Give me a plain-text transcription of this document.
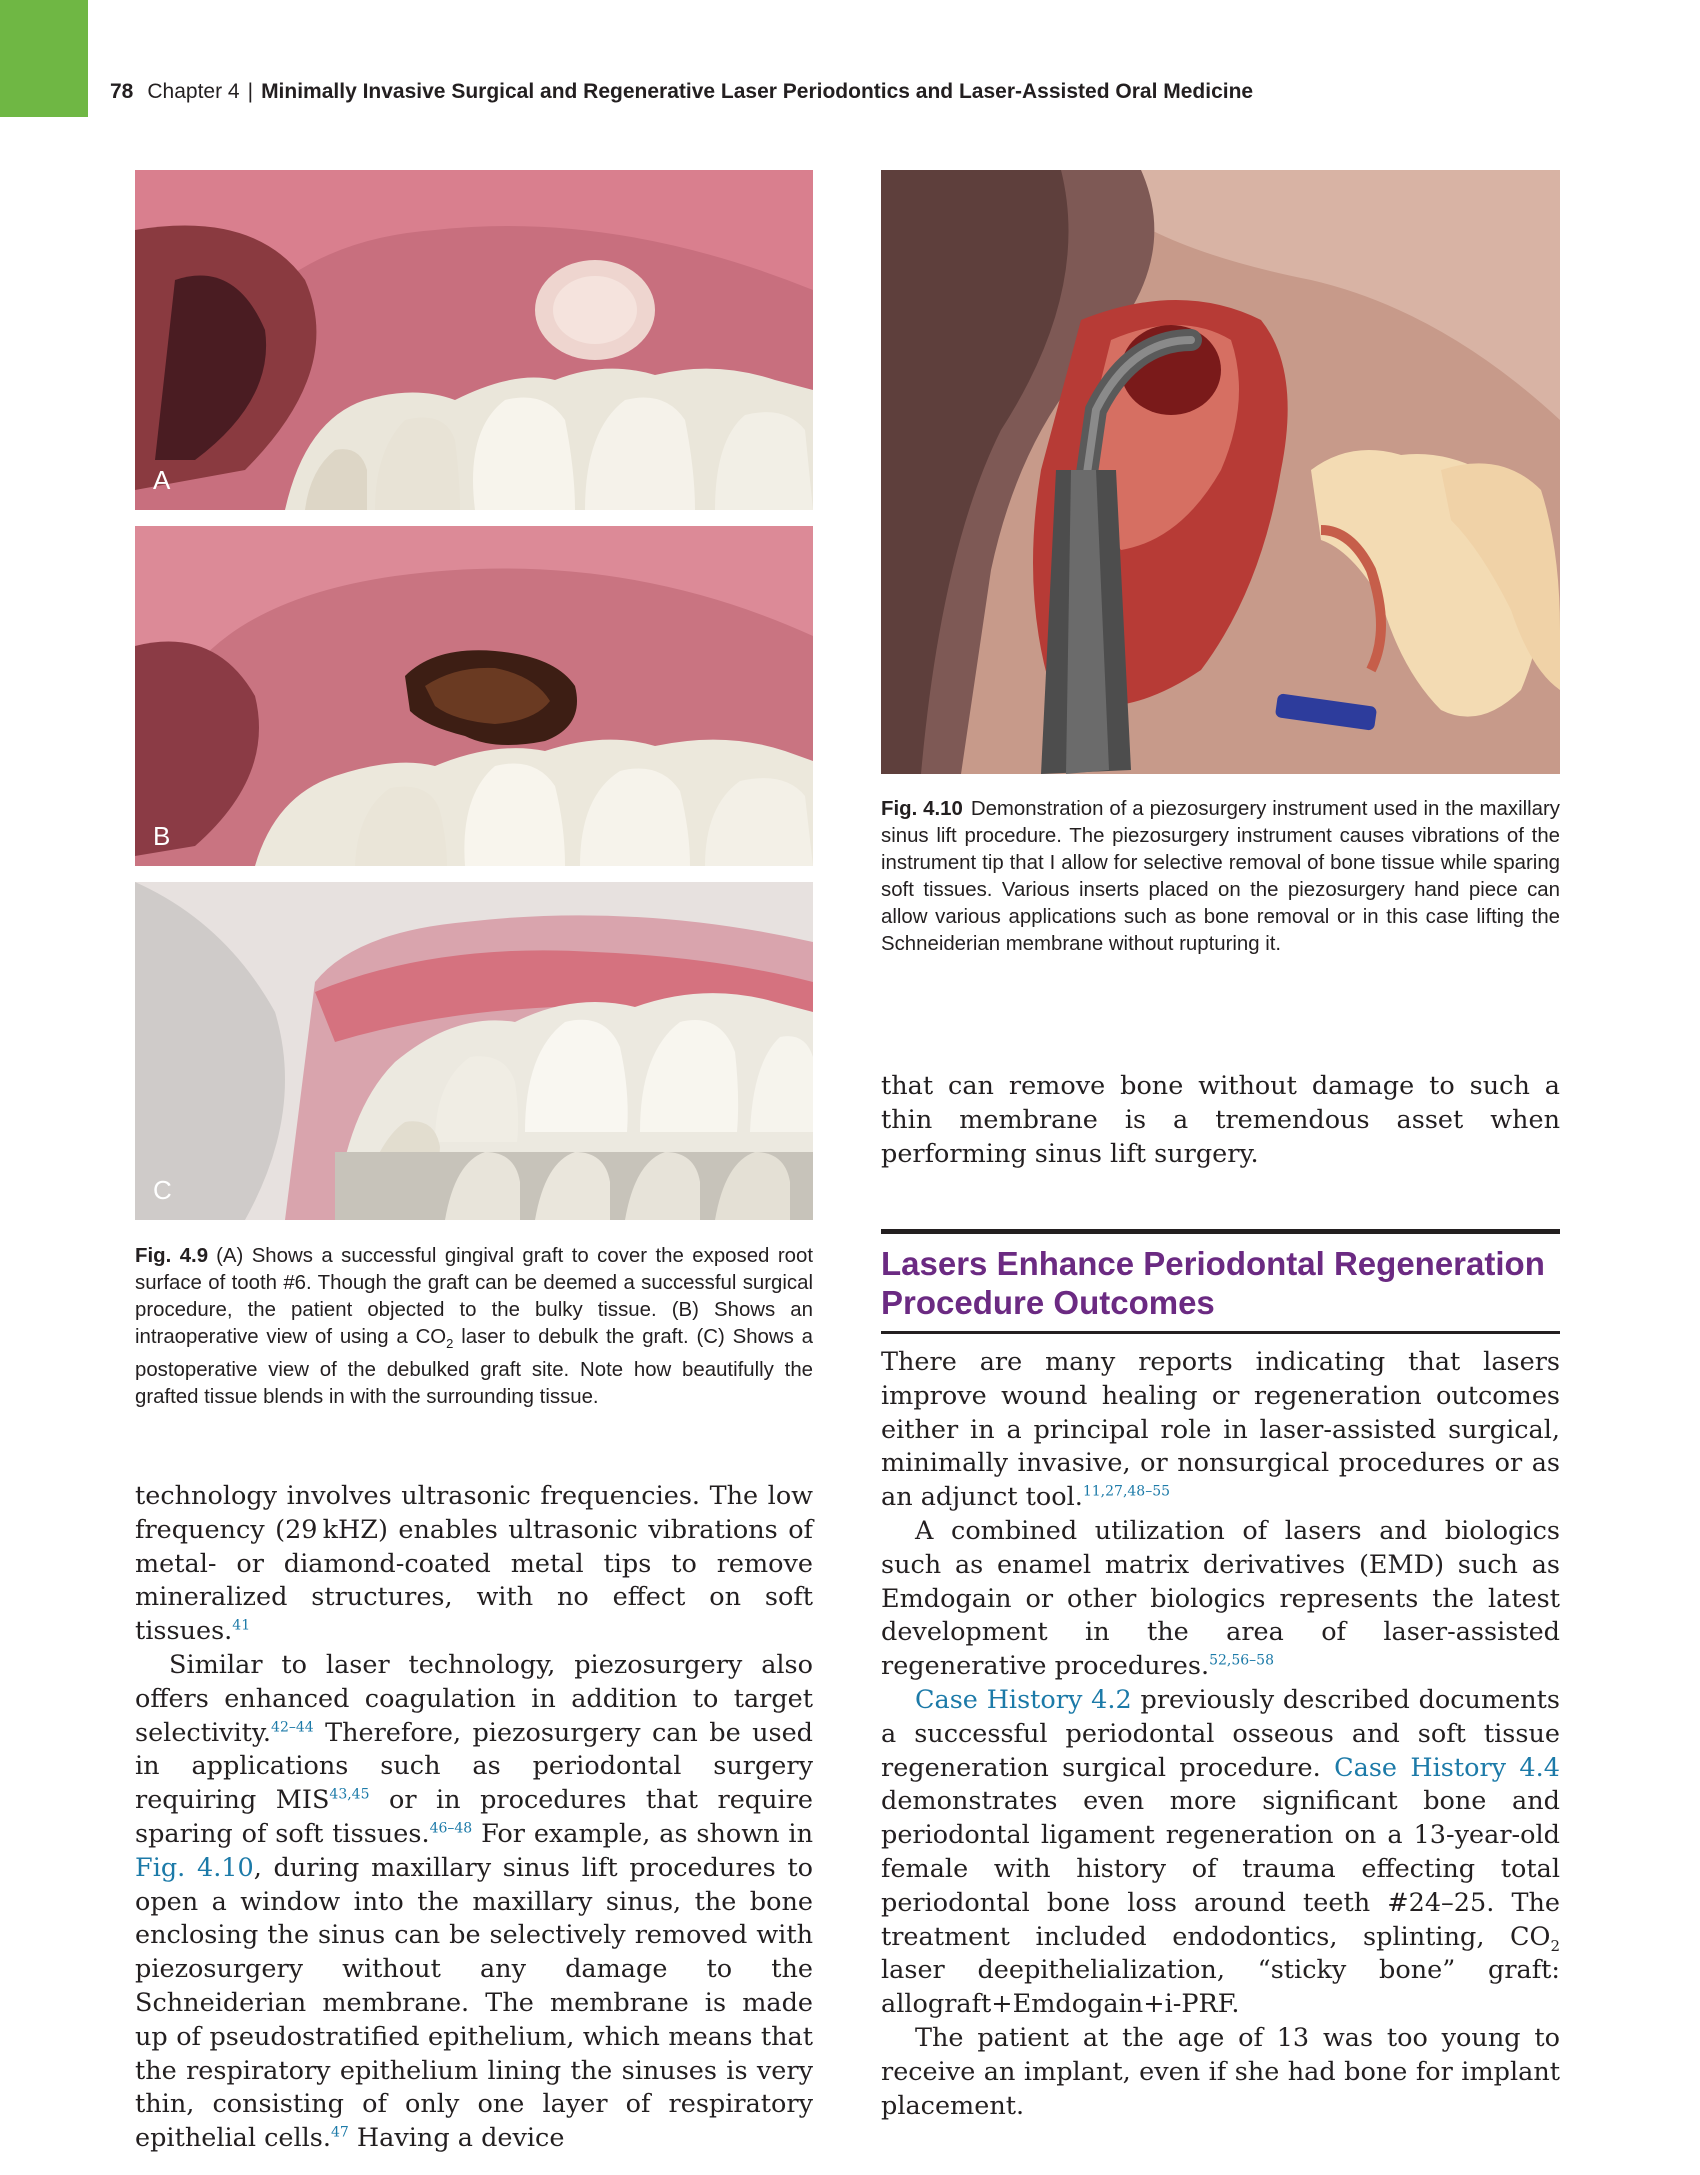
78 Chapter 4 | Minimally Invasive Surgical and Regenerative Laser Periodontics and Laser-Assisted Oral Medicine
A
B
C
Fig. 4.10 Demonstration of a piezosurgery instrument used in the maxillary sinus lift procedure. The piezosurgery instrument causes vibrations of the instrument tip that I allow for selective removal of bone tissue while sparing soft tissues. Various inserts placed on the piezosurgery hand piece can allow various applications such as bone removal or in this case lifting the Schneiderian membrane without rupturing it.
Fig. 4.9 (A) Shows a successful gingival graft to cover the exposed root surface of tooth #6. Though the graft can be deemed a successful surgical procedure, the patient objected to the bulky tissue. (B) Shows an intraoperative view of using a $CO_2$ laser to debulk the graft. (C) Shows a postoperative view of the debulked graft site. Note how beautifully the grafted tissue blends in with the surrounding tissue.

technology involves ultrasonic frequencies. The low frequency (29 kHZ) enables ultrasonic vibrations of metal- or diamond-coated metal tips to remove mineralized structures, with no effect on soft tissues.$^{41}$

Similar to laser technology, piezosurgery also offers enhanced coagulation in addition to target selectivity.$^{42-44}$ Therefore, piezosurgery can be used in applications such as periodontal surgery requiring MIS$^{43,45}$ or in procedures that require sparing of soft tissues.$^{46-48}$ For example, as shown in Fig. 4.10, during maxillary sinus lift procedures to open a window into the maxillary sinus, the bone enclosing the sinus can be selectively removed with piezosurgery without any damage to the Schneiderian membrane. The membrane is made up of pseudostratified epithelium, which means that the respiratory epithelium lining the sinuses is very thin, consisting of only one layer of respiratory epithelial cells.$^{47}$ Having a device

that can remove bone without damage to such a thin membrane is a tremendous asset when performing sinus lift surgery.

Lasers Enhance Periodontal Regeneration Procedure Outcomes

There are many reports indicating that lasers improve wound healing or regeneration outcomes either in a principal role in laser-assisted surgical, minimally invasive, or nonsurgical procedures or as an adjunct tool.$^{11,27,48-55}$

A combined utilization of lasers and biologics such as enamel matrix derivatives (EMD) such as Emdogain or other biologics represents the latest development in the area of laser-assisted regenerative procedures.$^{52,56-58}$

Case History 4.2 previously described documents a successful periodontal osseous and soft tissue regeneration surgical procedure. Case History 4.4 demonstrates even more significant bone and periodontal ligament regeneration on a 13-year-old female with history of trauma effecting total periodontal bone loss around teeth #24–25. The treatment included endodontics, splinting, $CO_2$ laser deepithelialization, “sticky bone” graft: allograft+Emdogain+i-PRF.

The patient at the age of 13 was too young to receive an implant, even if she had bone for implant placement.
